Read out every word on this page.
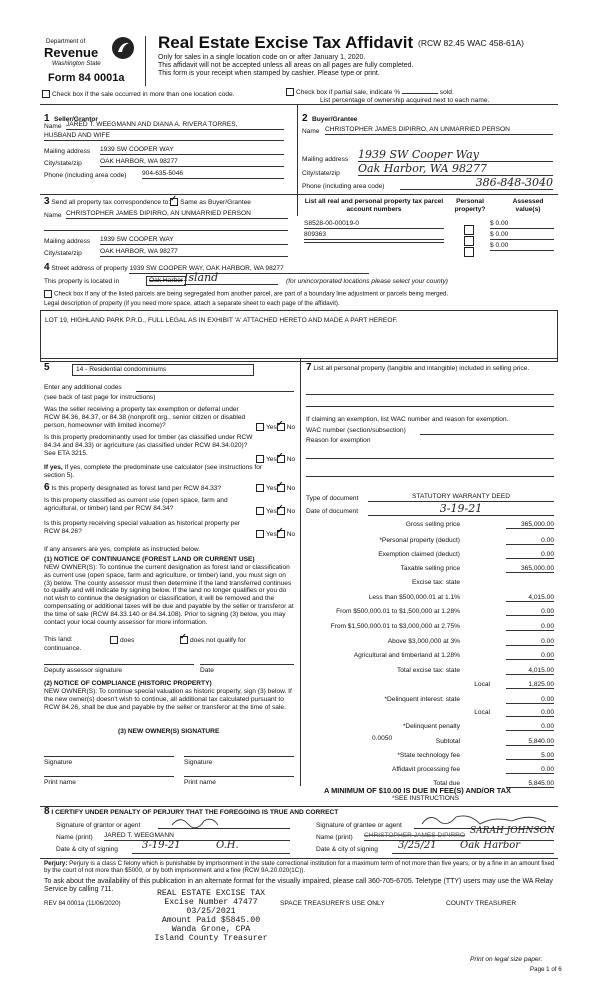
Department of
Revenue
Washington State
Form 84 0001a
Real Estate Excise Tax Affidavit (RCW 82.45 WAC 458-61A)
Only for sales in a single location code on or after January 1, 2020.
This affidavit will not be accepted unless all areas on all pages are fully completed.
This form is your receipt when stamped by cashier. Please type or print.
Check box if the sale occurred in more than one location code.	Check box if partial sale, indicate %	sold.
List percentage of ownership acquired next to each name.
1 Seller/Grantor
Name JARED T. WEEGMANN AND DIANA A. RIVERA TORRES,
HUSBAND AND WIFE
Mailing address 1939 SW COOPER WAY
City/state/zip	OAK HARBOR, WA 98277
Phone (including area code) 904-635-5046
2 Buyer/Grantee
Name CHRISTOPHER JAMES DIPIRRO, AN UNMARRIED PERSON
Mailing address 1939 SW Cooper Way
City/state/zip Oak Harbor, WA 98277
Phone (including area code)	386-848-3040
3 Send all property tax correspondence to: ✓ Same as Buyer/Grantee
Name CHRISTOPHER JAMES DIPIRRO, AN UNMARRIED PERSON
Mailing address 1939 SW COOPER WAY
City/state/zip	OAK HARBOR, WA 98277
List all real and personal property tax parcel account numbers
Personal property?
Assessed value(s)
S8528-00-00019-0	$ 0.00
809363	$ 0.00
$ 0.00
4 Street address of property 1939 SW COOPER WAY, OAK HARBOR, WA 98277
This property is located in	Oak Harbor Island	(for unincorporated locations please select your county)
Check box if any of the listed parcels are being segregated from another parcel, are part of a boundary line adjustment or parcels being merged.
Legal description of property (if you need more space, attach a separate sheet to each page of the affidavit).
LOT 19, HIGHLAND PARK P.R.D., FULL LEGAL AS IN EXHIBIT 'A' ATTACHED HERETO AND MADE A PART HEREOF.
5	14 - Residential condominiums
Enter any additional codes
(see back of last page for instructions)
Was the seller receiving a property tax exemption or deferral under RCW 84.36, 84.37, or 84.38 (nonprofit org., senior citizen or disabled person, homeowner with limited income)?	Yes ✓ No
Is this property predominantly used for timber (as classified under RCW 84.34 and 84.33) or agriculture (as classified under RCW 84.34.020)? See ETA 3215.
Yes ✓ No
If yes, If yes, complete the predominate use calculator (see instructions for section 5).
6 Is this property designated as forest land per RCW 84.33?	Yes ✓ No
Is this property classified as current use (open space, farm and agricultural, or timber) land per RCW 84.34?	Yes ✓ No
Is this property receiving special valuation as historical property per RCW 84.26?	Yes ✓ No
If any answers are yes, complete as instructed below.
(1) NOTICE OF CONTINUANCE (FOREST LAND OR CURRENT USE)
NEW OWNER(S): To continue the current designation as forest land or classification as current use (open space, farm and agriculture, or timber) land, you must sign on (3) below. The county assessor must then determine if the land transferred continues to qualify and will indicate by signing below. If the land no longer qualifies or you do not wish to continue the designation or classification, it will be removed and the compensating or additional taxes will be due and payable by the seller or transferor at the time of sale (RCW 84.33.140 or 84.34.108). Prior to signing (3) below, you may contact your local county assessor for more information.
This land:	does ✓	does not qualify for
continuance.
Deputy assessor signature	Date
(2) NOTICE OF COMPLIANCE (HISTORIC PROPERTY)
NEW OWNER(S): To continue special valuation as historic property, sign (3) below. If the new owner(s) doesn't wish to continue, all additional tax calculated pursuant to RCW 84.26, shall be due and payable by the seller or transferor at the time of sale.
(3) NEW OWNER(S) SIGNATURE
Signature	Signature
Print name	Print name
7 List all personal property (tangible and intangible) included in selling price.
If claiming an exemption, list WAC number and reason for exemption.
WAC number (section/subsection)
Reason for exemption
Type of document	STATUTORY WARRANTY DEED
Date of document	3-19-21
Gross selling price	365,000.00
*Personal property (deduct)	0.00
Exemption claimed (deduct)	0.00
Taxable selling price	365,000.00
Excise tax: state
Less than $500,000.01 at 1.1%	4,015.00
From $500,000.01 to $1,500,000 at 1.28%	0.00
From $1,500,000.01 to $3,000,000 at 2.75%	0.00
Above $3,000,000 at 3%	0.00
Agricultural and timberland at 1.28%	0.00
Total excise tax: state	4,015.00
Local	1,825.00
*Delinquent interest: state	0.00
Local	0.00
*Delinquent penalty	0.00
Subtotal	5,840.00
*State technology fee	5.00
Affidavit processing fee	0.00
Total due	5,845.00
0.0050
A MINIMUM OF $10.00 IS DUE IN FEE(S) AND/OR TAX
*SEE INSTRUCTIONS
8 I CERTIFY UNDER PENALTY OF PERJURY THAT THE FOREGOING IS TRUE AND CORRECT
Signature of grantor or agent
Name (print) JARED T. WEEGMANN
Date & city of signing 3-19-21	O.H.
Signature of grantee or agent
Name (print) CHRISTOPHER JAMES DIPIRRO SARAH JOHNSON
Date & city of signing 3/25/21 Oak Harbor
Perjury: Perjury is a class C felony which is punishable by imprisonment in the state correctional institution for a maximum term of not more than five years, or by a fine in an amount fixed by the court of not more than $5000, or by both imprisonment and a fine (RCW 9A.20.020(1C)).
To ask about the availability of this publication in an alternate format for the visually impaired, please call 360-705-6705. Teletype (TTY) users may use the WA Relay Service by calling 711.
REV 84 0001a (11/06/2020)
REAL ESTATE EXCISE TAX
Excise Number 47477
03/25/2021
Amount Paid $5845.00
Wanda Grone, CPA
Island County Treasurer
SPACE TREASURER'S USE ONLY	COUNTY TREASURER
Print on legal size paper.
Page 1 of 6
